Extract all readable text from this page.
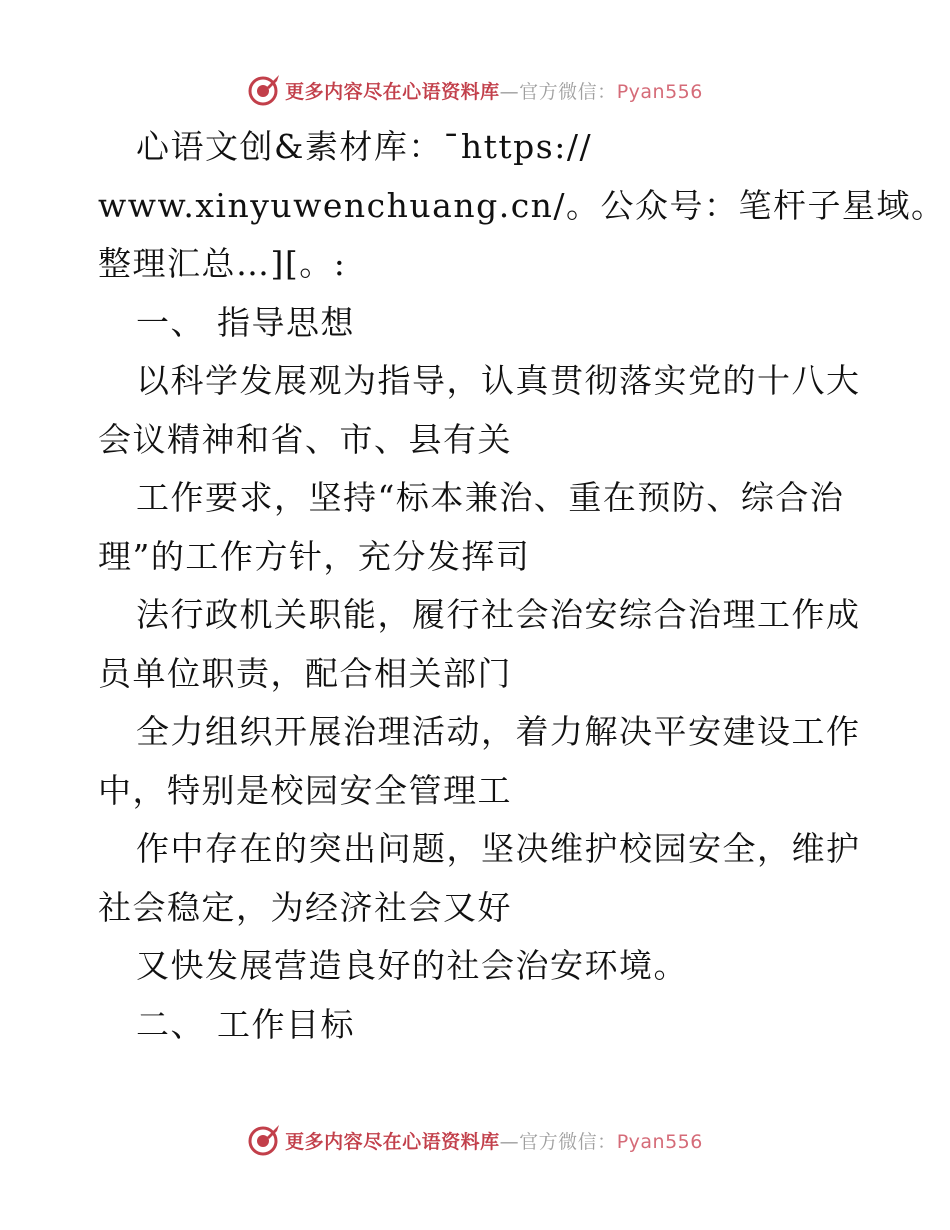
更多内容尽在心语资料库—官方微信：Pyan556
心语文创&素材库：¯https://
www.xinyuwenchuang.cn/。公众号：笔杆子星域。
整理汇总…][。:
一、 指导思想
以科学发展观为指导，认真贯彻落实党的十八大
会议精神和省、市、县有关
工作要求，坚持“标本兼治、重在预防、综合治
理”的工作方针，充分发挥司
法行政机关职能，履行社会治安综合治理工作成
员单位职责，配合相关部门
全力组织开展治理活动，着力解决平安建设工作
中，特别是校园安全管理工
作中存在的突出问题，坚决维护校园安全，维护
社会稳定，为经济社会又好
又快发展营造良好的社会治安环境。
二、 工作目标
更多内容尽在心语资料库—官方微信：Pyan556
